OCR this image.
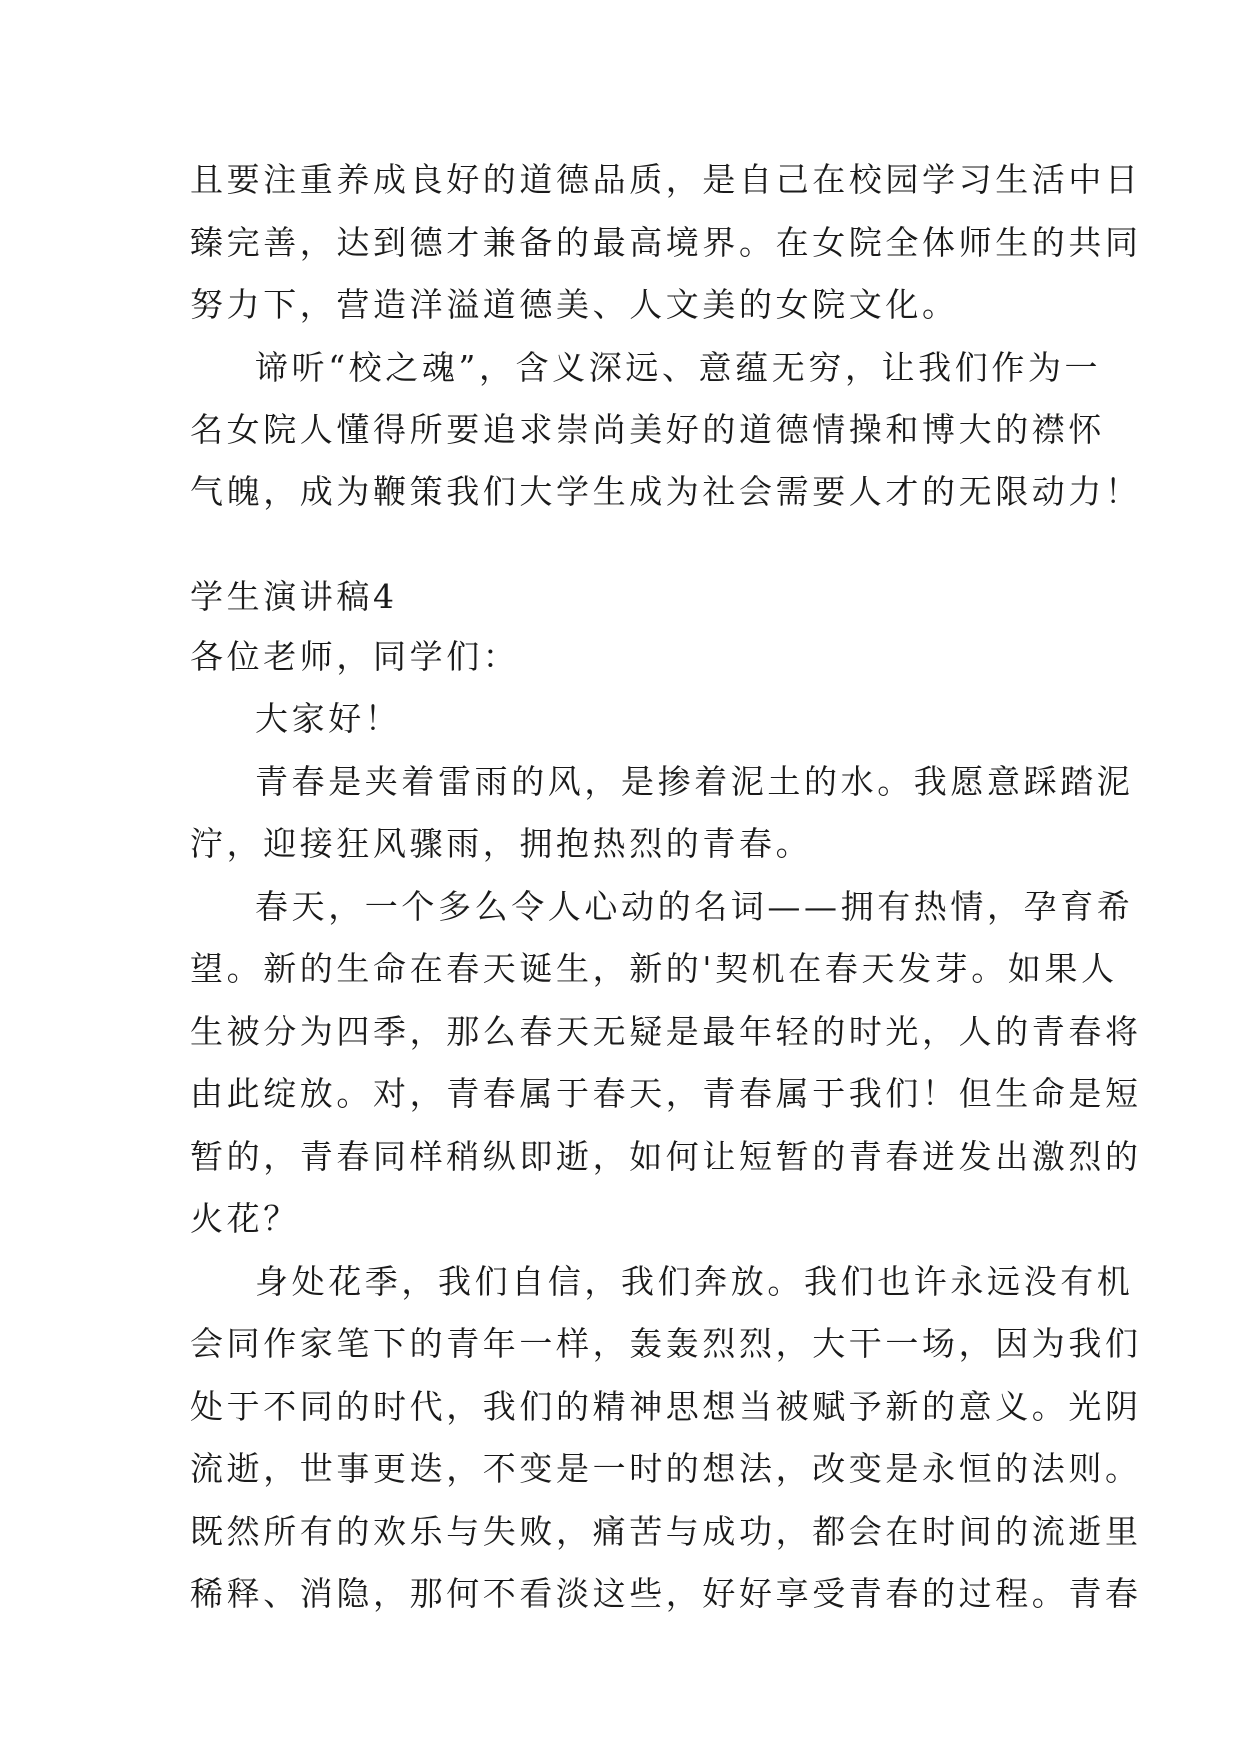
且要注重养成良好的道德品质，是自己在校园学习生活中日
臻完善，达到德才兼备的最高境界。在女院全体师生的共同
努力下，营造洋溢道德美、人文美的女院文化。
谛听“校之魂”，含义深远、意蕴无穷，让我们作为一
名女院人懂得所要追求崇尚美好的道德情操和博大的襟怀
气魄，成为鞭策我们大学生成为社会需要人才的无限动力！
学生演讲稿4
各位老师，同学们：
大家好！
青春是夹着雷雨的风，是掺着泥土的水。我愿意踩踏泥
泞，迎接狂风骤雨，拥抱热烈的青春。
春天，一个多么令人心动的名词——拥有热情，孕育希
望。新的生命在春天诞生，新的'契机在春天发芽。如果人
生被分为四季，那么春天无疑是最年轻的时光，人的青春将
由此绽放。对，青春属于春天，青春属于我们！但生命是短
暂的，青春同样稍纵即逝，如何让短暂的青春迸发出激烈的
火花？
身处花季，我们自信，我们奔放。我们也许永远没有机
会同作家笔下的青年一样，轰轰烈烈，大干一场，因为我们
处于不同的时代，我们的精神思想当被赋予新的意义。光阴
流逝，世事更迭，不变是一时的想法，改变是永恒的法则。
既然所有的欢乐与失败，痛苦与成功，都会在时间的流逝里
稀释、消隐，那何不看淡这些，好好享受青春的过程。青春
